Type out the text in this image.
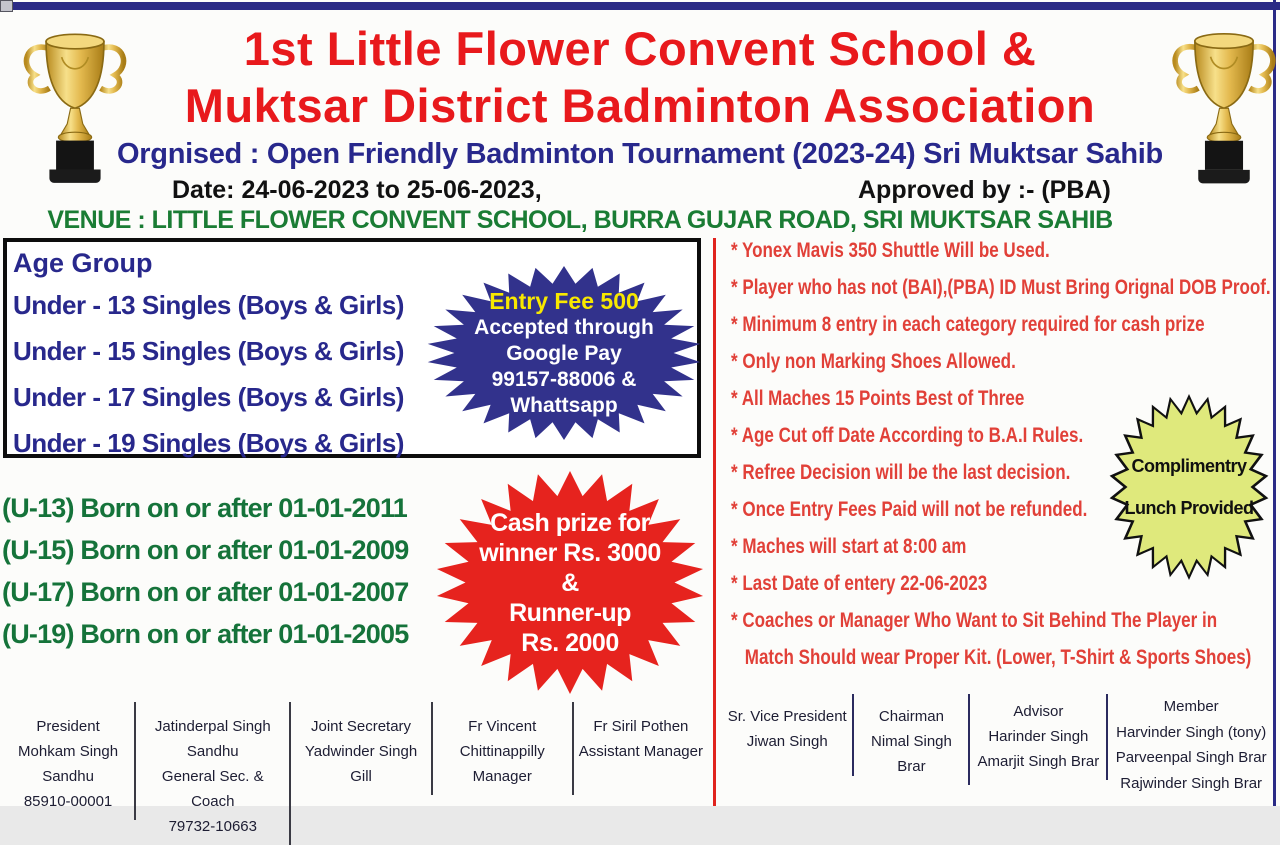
1st Little Flower Convent School &
Muktsar District Badminton Association
Orgnised : Open Friendly Badminton Tournament (2023-24) Sri Muktsar Sahib
Date: 24-06-2023 to 25-06-2023,	Approved by :- (PBA)
VENUE : LITTLE FLOWER CONVENT SCHOOL, BURRA GUJAR ROAD, SRI MUKTSAR SAHIB
Age Group
Under - 13 Singles (Boys & Girls)
Under - 15 Singles (Boys & Girls)
Under - 17 Singles (Boys & Girls)
Under - 19 Singles (Boys & Girls)
Entry Fee 500
Accepted through
Google Pay
99157-88006 &
Whattsapp
(U-13) Born on or after 01-01-2011
(U-15) Born on or after 01-01-2009
(U-17) Born on or after 01-01-2007
(U-19) Born on or after 01-01-2005
Cash prize for
winner Rs. 3000
&
Runner-up
Rs. 2000
* Yonex Mavis 350 Shuttle Will be Used.
* Player who has not (BAI),(PBA) ID Must Bring Orignal DOB Proof.
* Minimum 8 entry in each category required for cash prize
* Only non Marking Shoes Allowed.
* All Maches 15 Points Best of Three
* Age Cut off Date According to B.A.I Rules.
* Refree Decision will be the last decision.
* Once Entry Fees Paid will not be refunded.
* Maches will start at 8:00 am
* Last Date of entery 22-06-2023
* Coaches or Manager Who Want to Sit Behind The Player in
Match Should wear Proper Kit. (Lower, T-Shirt & Sports Shoes)
Complimentry
Lunch Provided
President
Mohkam Singh Sandhu
85910-00001
Jatinderpal Singh Sandhu
General Sec. & Coach
79732-10663
Joint Secretary
Yadwinder Singh Gill
Fr Vincent Chittinappilly
Manager
Fr Siril Pothen
Assistant Manager
Sr. Vice President
Jiwan Singh
Chairman
Nimal Singh Brar
Advisor
Harinder Singh
Amarjit Singh Brar
Member
Harvinder Singh (tony)
Parveenpal Singh Brar
Rajwinder Singh Brar
